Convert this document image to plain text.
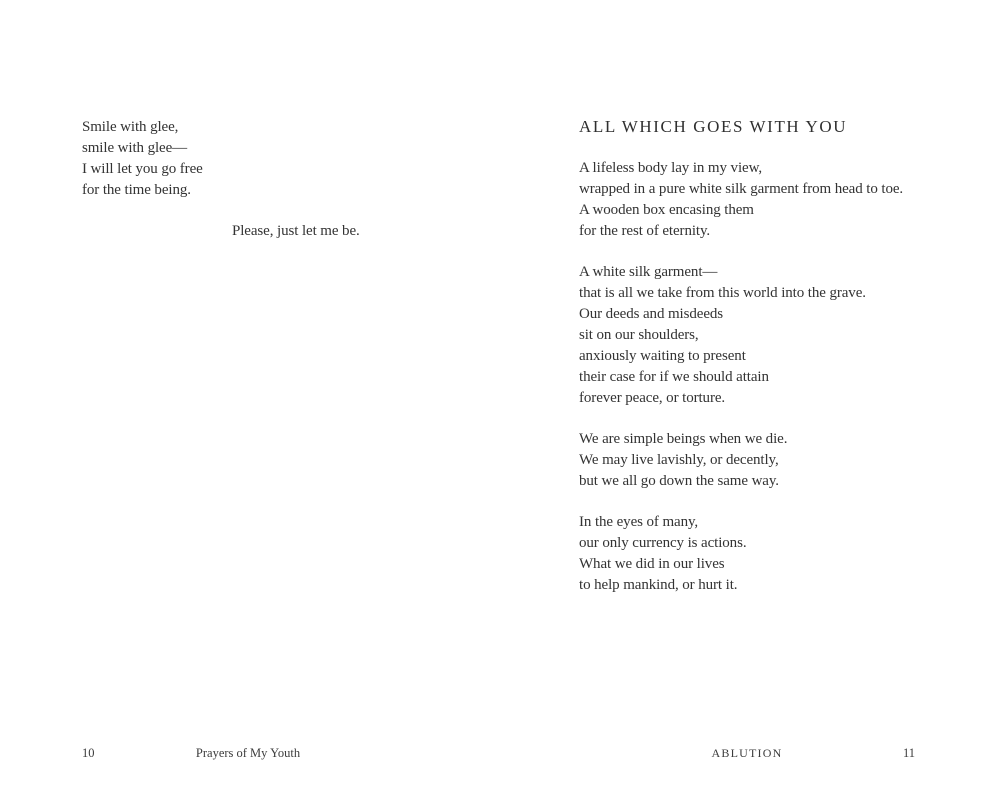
Smile with glee,
smile with glee—
I will let you go free
for the time being.
Please, just let me be.
10	Prayers of My Youth
ALL WHICH GOES WITH YOU
A lifeless body lay in my view,
wrapped in a pure white silk garment from head to toe.
A wooden box encasing them
for the rest of eternity.
A white silk garment—
that is all we take from this world into the grave.
Our deeds and misdeeds
sit on our shoulders,
anxiously waiting to present
their case for if we should attain
forever peace, or torture.
We are simple beings when we die.
We may live lavishly, or decently,
but we all go down the same way.
In the eyes of many,
our only currency is actions.
What we did in our lives
to help mankind, or hurt it.
ABLUTION	11
